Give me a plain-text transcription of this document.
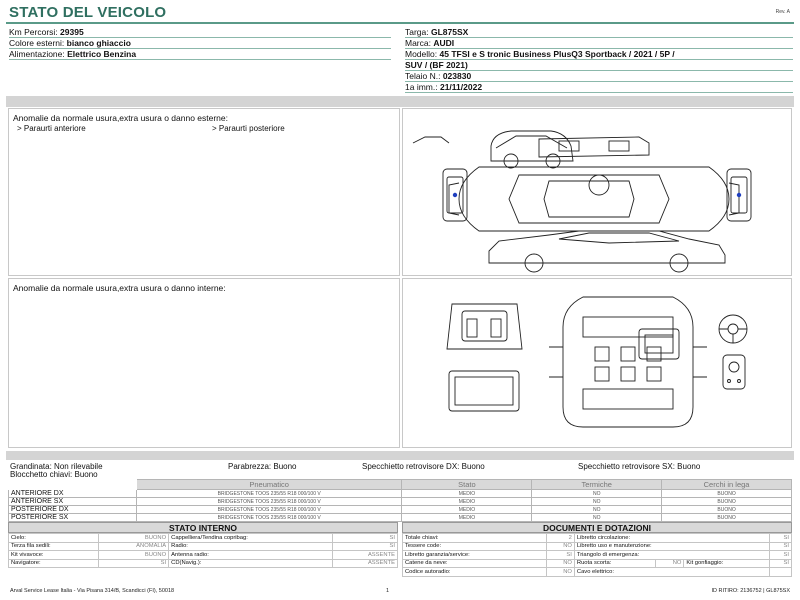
STATO DEL VEICOLO	Rev. A
Km Percorsi: 29395
Colore esterni: bianco ghiaccio
Alimentazione: Elettrico Benzina
Targa: GL875SX
Marca: AUDI
Modello: 45 TFSI e S tronic Business PlusQ3 Sportback / 2021 / 5P /
SUV / (BF 2021)
Telaio N.: 023830
1a imm.: 21/11/2022
Anomalie da normale usura,extra usura o danno esterne:
> Paraurti anteriore	> Paraurti posteriore
Anomalie da normale usura,extra usura o danno interne:
Grandinata: Non rilevabile
Blocchetto chiavi: Buono
Parabrezza: Buono	Specchietto retrovisore DX: Buono	Specchietto retrovisore SX: Buono
	Pneumatico	Stato	Termiche	Cerchi in lega
ANTERIORE DX	BRIDGESTONE TOOS 235/55 R18 000/100 V	MEDIO	NO	BUONO
ANTERIORE SX	BRIDGESTONE TOOS 235/55 R18 000/100 V	MEDIO	NO	BUONO
POSTERIORE DX	BRIDGESTONE TOOS 235/55 R18 000/100 V	MEDIO	NO	BUONO
POSTERIORE SX	BRIDGESTONE TOOS 235/55 R18 000/100 V	MEDIO	NO	BUONO
STATO INTERNO
Cielo:	BUONO	Cappelliera/Tendina copribag:	SI
Terza fila sedili:	ANOMALIA	Radio:	SI
Kit vivavoce:	BUONO	Antenna radio:	ASSENTE
Navigatore:	SI	CD(Navig.):	ASSENTE
DOCUMENTI E DOTAZIONI
Totale chiavi:	2	Libretto circolazione:			SI
Tessere code:	NO	Libretto uso e manutenzione:			SI
Libretto garanzia/service:	SI	Triangolo di emergenza:			SI
Catene da neve:	NO	Ruota scorta:	NO	Kit gonfiaggio:	SI
Codice autoradio:	NO	Cavo elettrico:			
Arval Service Lease Italia - Via Pisana 314/B, Scandicci (FI), 50018	1	ID RITIRO: 2136752 | GL875SX
